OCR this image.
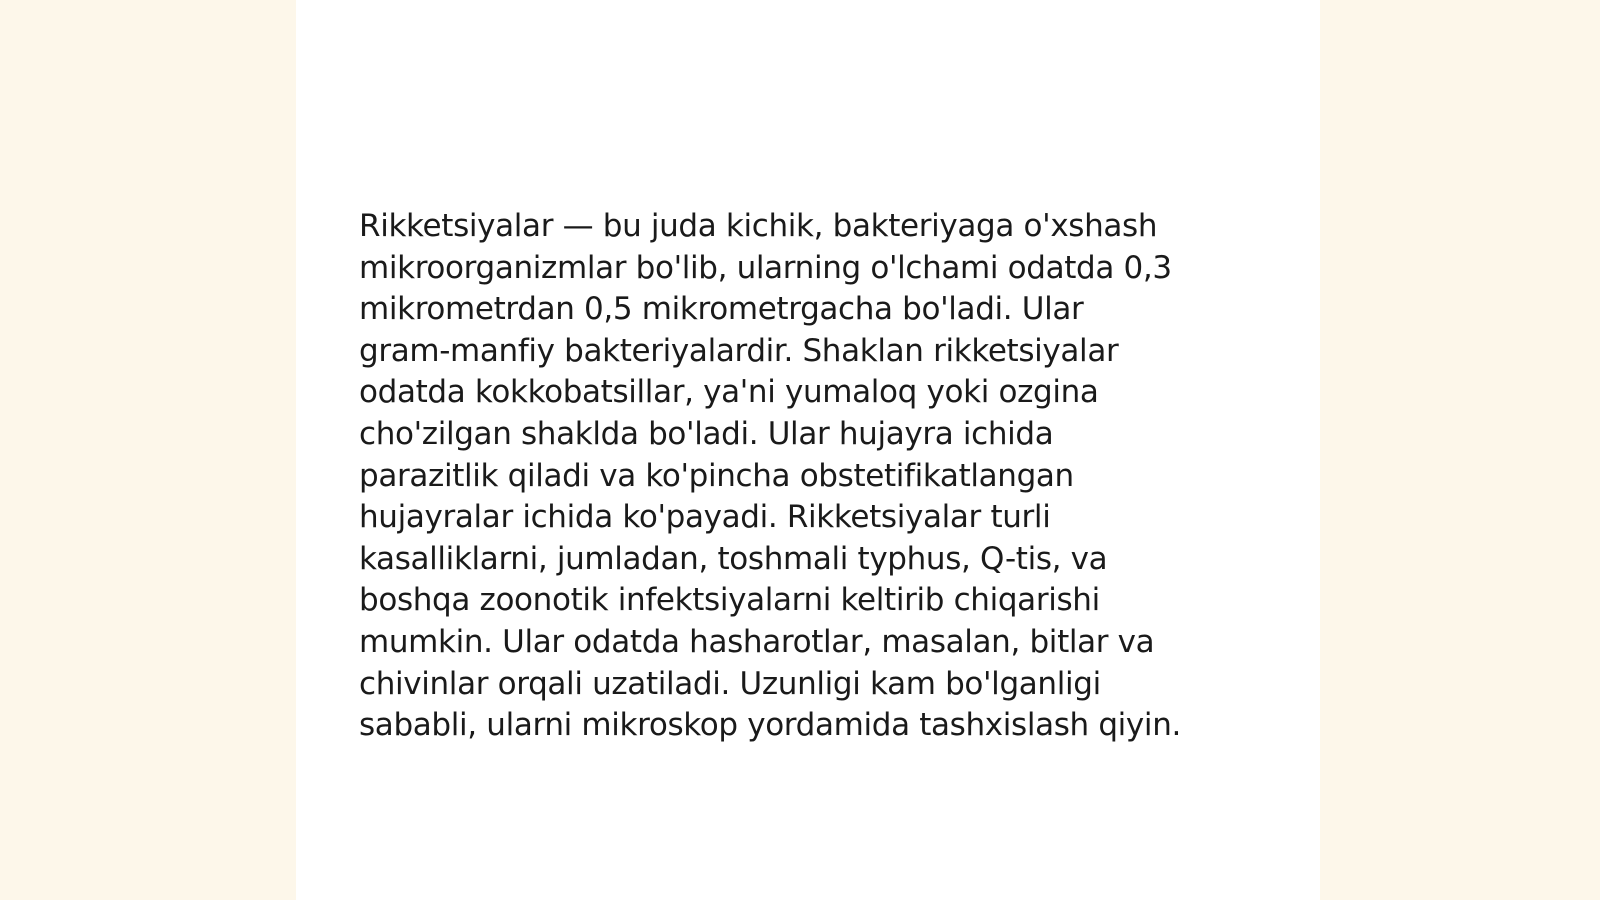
Rikketsiyalar — bu juda kichik, bakteriyaga o'xshash
mikroorganizmlar bo'lib, ularning o'lchami odatda 0,3
mikrometrdan 0,5 mikrometrgacha bo'ladi. Ular
gram-manfiy bakteriyalardir. Shaklan rikketsiyalar
odatda kokkobatsillar, ya'ni yumaloq yoki ozgina
cho'zilgan shaklda bo'ladi. Ular hujayra ichida
parazitlik qiladi va ko'pincha obstetifikatlangan
hujayralar ichida ko'payadi. Rikketsiyalar turli
kasalliklarni, jumladan, toshmali typhus, Q-tis, va
boshqa zoonotik infektsiyalarni keltirib chiqarishi
mumkin. Ular odatda hasharotlar, masalan, bitlar va
chivinlar orqali uzatiladi. Uzunligi kam bo'lganligi
sababli, ularni mikroskop yordamida tashxislash qiyin.
